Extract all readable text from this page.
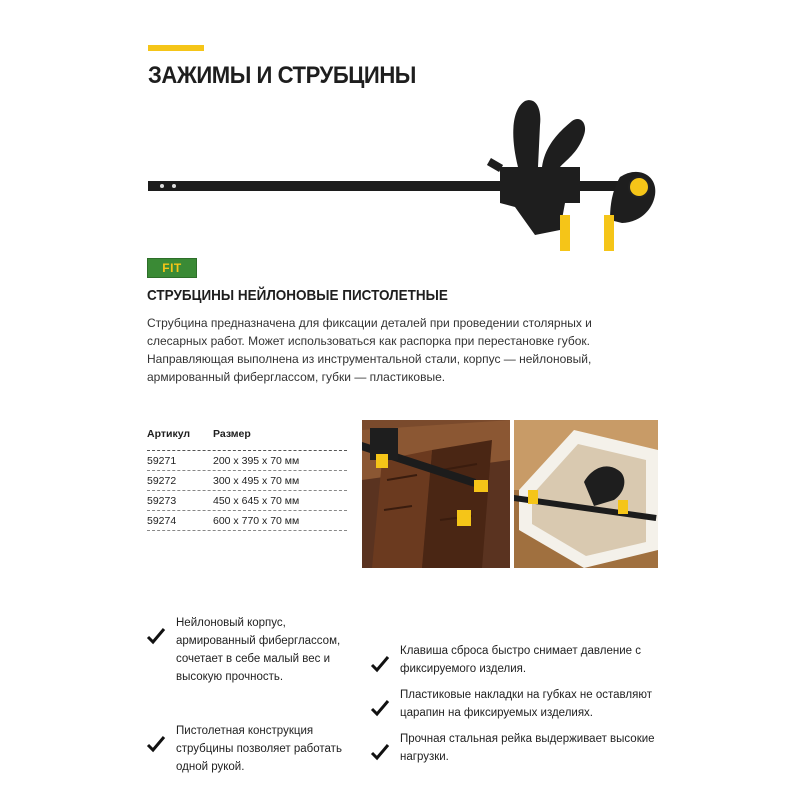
ЗАЖИМЫ И СТРУБЦИНЫ
FIT
СТРУБЦИНЫ НЕЙЛОНОВЫЕ ПИСТОЛЕТНЫЕ
Струбцина предназначена для фиксации деталей при проведении столярных и слесарных работ. Может использоваться как распорка при перестановке губок. Направляющая выполнена из инструментальной стали, корпус — нейлоновый, армированный фиберглассом, губки — пластиковые.
Артикул	Размер
59271	200 х 395 х 70 мм
59272	300 х 495 х 70 мм
59273	450 х 645 х 70 мм
59274	600 х 770 х 70 мм
Нейлоновый корпус, армированный фиберглассом, сочетает в себе малый вес и высокую прочность.
Пистолетная конструкция струбцины позволяет работать одной рукой.
Клавиша сброса быстро снимает давление с фиксируемого изделия.
Пластиковые накладки на губках не оставляют царапин на фиксируемых изделиях.
Прочная стальная рейка выдерживает высокие нагрузки.
